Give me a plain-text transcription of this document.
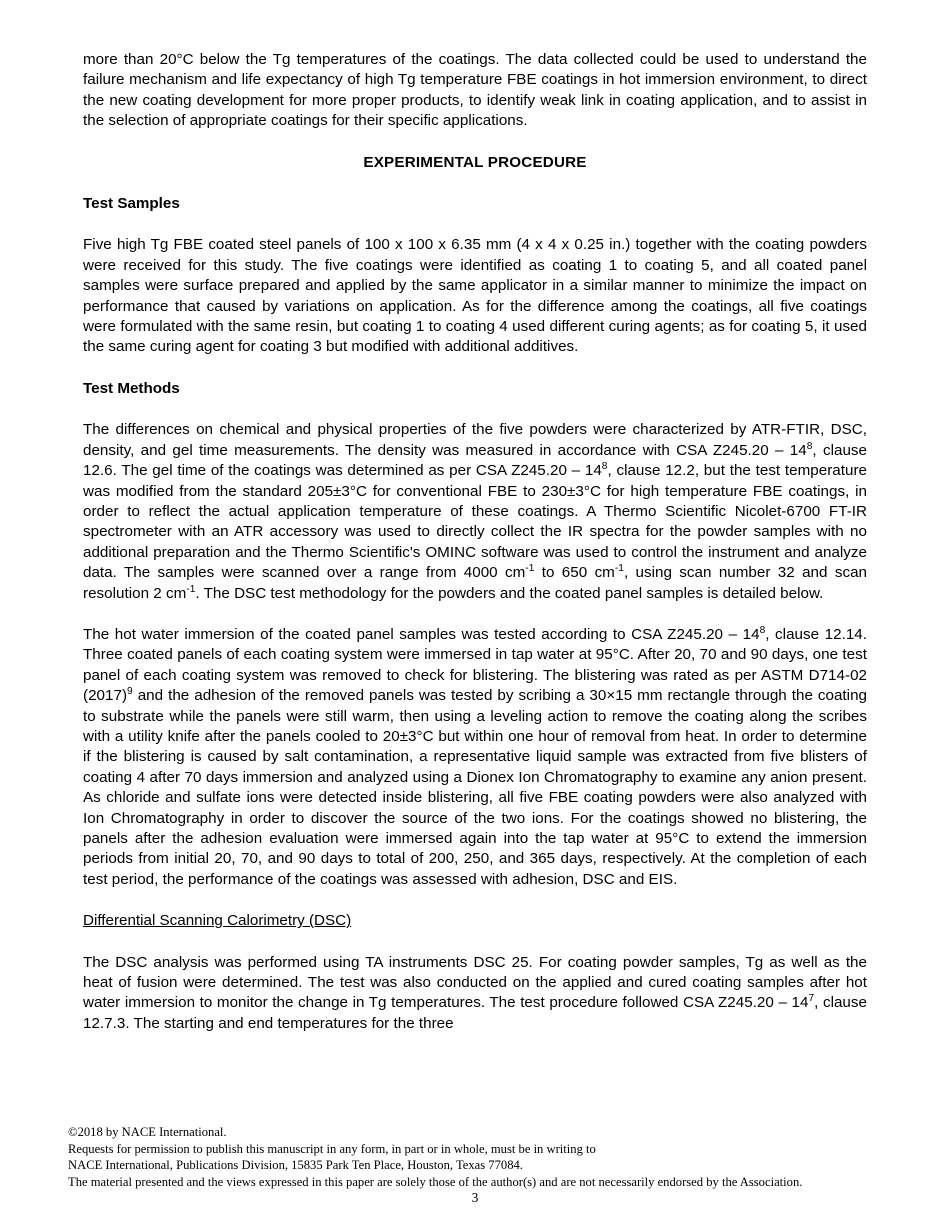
more than 20°C below the Tg temperatures of the coatings. The data collected could be used to understand the failure mechanism and life expectancy of high Tg temperature FBE coatings in hot immersion environment, to direct the new coating development for more proper products, to identify weak link in coating application, and to assist in the selection of appropriate coatings for their specific applications.

EXPERIMENTAL PROCEDURE
Test Samples

Five high Tg FBE coated steel panels of 100 x 100 x 6.35 mm (4 x 4 x 0.25 in.) together with the coating powders were received for this study. The five coatings were identified as coating 1 to coating 5, and all coated panel samples were surface prepared and applied by the same applicator in a similar manner to minimize the impact on performance that caused by variations on application. As for the difference among the coatings, all five coatings were formulated with the same resin, but coating 1 to coating 4 used different curing agents; as for coating 5, it used the same curing agent for coating 3 but modified with additional additives.

Test Methods

The differences on chemical and physical properties of the five powders were characterized by ATR-FTIR, DSC, density, and gel time measurements. The density was measured in accordance with CSA $Z245.20 - 14^8$, clause 12.6. The gel time of the coatings was determined as per CSA $Z245.20 - 14^8$, clause 12.2, but the test temperature was modified from the standard 205±3°C for conventional FBE to 230±3°C for high temperature FBE coatings, in order to reflect the actual application temperature of these coatings. A Thermo Scientific Nicolet-6700 FT-IR spectrometer with an ATR accessory was used to directly collect the IR spectra for the powder samples with no additional preparation and the Thermo Scientific's OMINC software was used to control the instrument and analyze data. The samples were scanned over a range from 4000 $cm^{-1}$ to 650 $cm^{-1}$, using scan number 32 and scan resolution 2 $cm^{-1}$. The DSC test methodology for the powders and the coated panel samples is detailed below.

The hot water immersion of the coated panel samples was tested according to CSA $Z245.20 - 14^8$, clause 12.14. Three coated panels of each coating system were immersed in tap water at 95°C. After 20, 70 and 90 days, one test panel of each coating system was removed to check for blistering. The blistering was rated as per ASTM D714-02 $(2017)^9$ and the adhesion of the removed panels was tested by scribing a 30×15 mm rectangle through the coating to substrate while the panels were still warm, then using a leveling action to remove the coating along the scribes with a utility knife after the panels cooled to 20±3°C but within one hour of removal from heat. In order to determine if the blistering is caused by salt contamination, a representative liquid sample was extracted from five blisters of coating 4 after 70 days immersion and analyzed using a Dionex Ion Chromatography to examine any anion present. As chloride and sulfate ions were detected inside blistering, all five FBE coating powders were also analyzed with Ion Chromatography in order to discover the source of the two ions. For the coatings showed no blistering, the panels after the adhesion evaluation were immersed again into the tap water at 95°C to extend the immersion periods from initial 20, 70, and 90 days to total of 200, 250, and 365 days, respectively. At the completion of each test period, the performance of the coatings was assessed with adhesion, DSC and EIS.

Differential Scanning Calorimetry (DSC)

The DSC analysis was performed using TA instruments DSC 25. For coating powder samples, Tg as well as the heat of fusion were determined. The test was also conducted on the applied and cured coating samples after hot water immersion to monitor the change in Tg temperatures. The test procedure followed CSA $Z245.20 - 14^7$, clause 12.7.3. The starting and end temperatures for the three

©2018 by NACE International.

Requests for permission to publish this manuscript in any form, in part or in whole, must be in writing to

NACE International, Publications Division, 15835 Park Ten Place, Houston, Texas 77084.

The material presented and the views expressed in this paper are solely those of the author(s) and are not necessarily endorsed by the Association.

3
